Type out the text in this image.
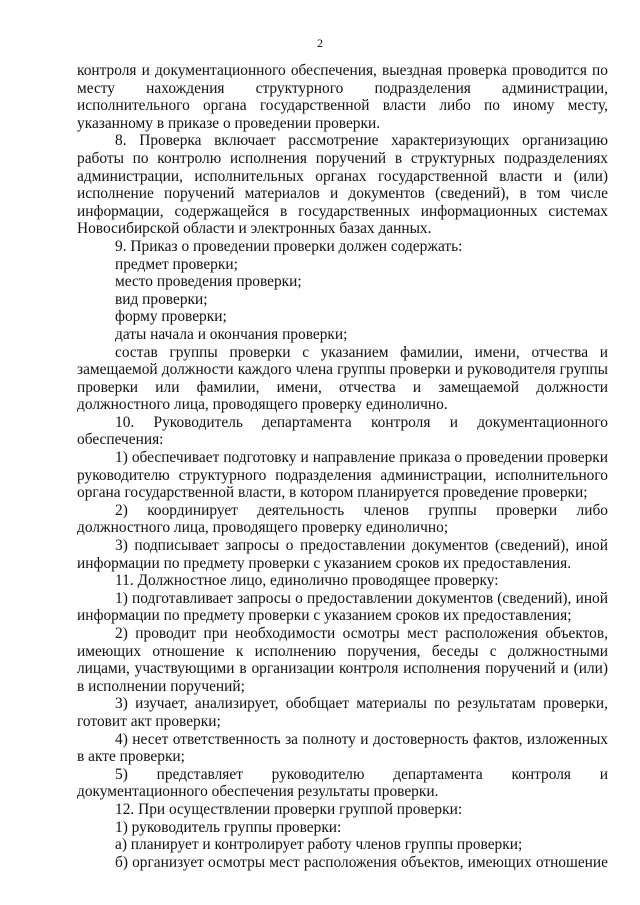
2

контроля и документационного обеспечения, выездная проверка проводится по месту нахождения структурного подразделения администрации, исполнительного органа государственной власти либо по иному месту, указанному в приказе о проведении проверки.

8. Проверка включает рассмотрение характеризующих организацию работы по контролю исполнения поручений в структурных подразделениях администрации, исполнительных органах государственной власти и (или) исполнение поручений материалов и документов (сведений), в том числе информации, содержащейся в государственных информационных системах Новосибирской области и электронных базах данных.

9. Приказ о проведении проверки должен содержать:

предмет проверки;

место проведения проверки;

вид проверки;

форму проверки;

даты начала и окончания проверки;

состав группы проверки с указанием фамилии, имени, отчества и замещаемой должности каждого члена группы проверки и руководителя группы проверки или фамилии, имени, отчества и замещаемой должности должностного лица, проводящего проверку единолично.

10. Руководитель департамента контроля и документационного обеспечения:

1) обеспечивает подготовку и направление приказа о проведении проверки руководителю структурного подразделения администрации, исполнительного органа государственной власти, в котором планируется проведение проверки;

2) координирует деятельность членов группы проверки либо должностного лица, проводящего проверку единолично;

3) подписывает запросы о предоставлении документов (сведений), иной информации по предмету проверки с указанием сроков их предоставления.

11. Должностное лицо, единолично проводящее проверку:

1) подготавливает запросы о предоставлении документов (сведений), иной информации по предмету проверки с указанием сроков их предоставления;

2) проводит при необходимости осмотры мест расположения объектов, имеющих отношение к исполнению поручения, беседы с должностными лицами, участвующими в организации контроля исполнения поручений и (или) в исполнении поручений;

3) изучает, анализирует, обобщает материалы по результатам проверки, готовит акт проверки;

4) несет ответственность за полноту и достоверность фактов, изложенных в акте проверки;

5) представляет руководителю департамента контроля и документационного обеспечения результаты проверки.

12. При осуществлении проверки группой проверки:

1) руководитель группы проверки:

а) планирует и контролирует работу членов группы проверки;

б) организует осмотры мест расположения объектов, имеющих отношение
